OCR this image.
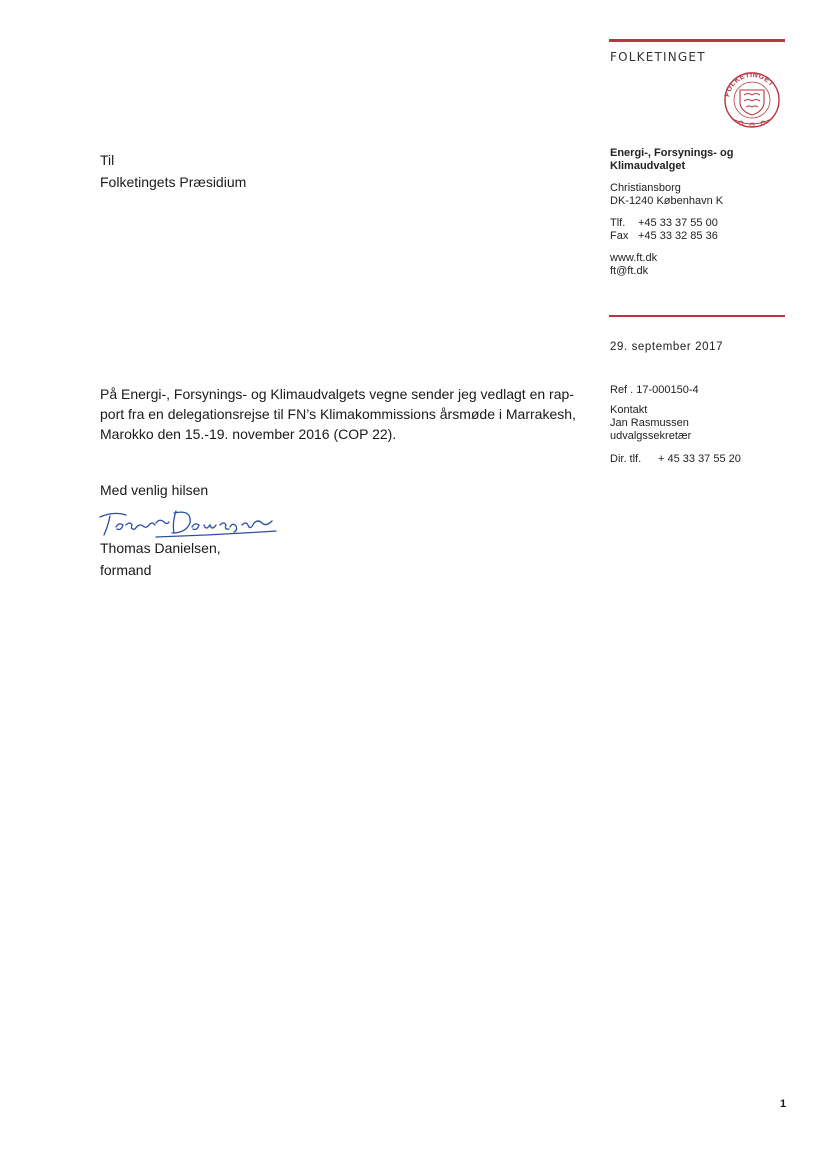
FOLKETINGET
FOLKETINGET
Energi-, Forsynings- og
Klimaudvalget
Christiansborg
DK-1240 København K
Tlf. +45 33 37 55 00
Fax +45 33 32 85 36
www.ft.dk
ft@ft.dk
29. september 2017
Ref . 17-000150-4
Kontakt
Jan Rasmussen
udvalgssekretær
Dir. tlf. + 45 33 37 55 20
Til
Folketingets Præsidium
På Energi-, Forsynings- og Klimaudvalgets vegne sender jeg vedlagt en rap-
port fra en delegationsrejse til FN’s Klimakommissions årsmøde i Marrakesh,
Marokko den 15.-19. november 2016 (COP 22).
Med venlig hilsen
Thomas Danielsen,
formand
1
